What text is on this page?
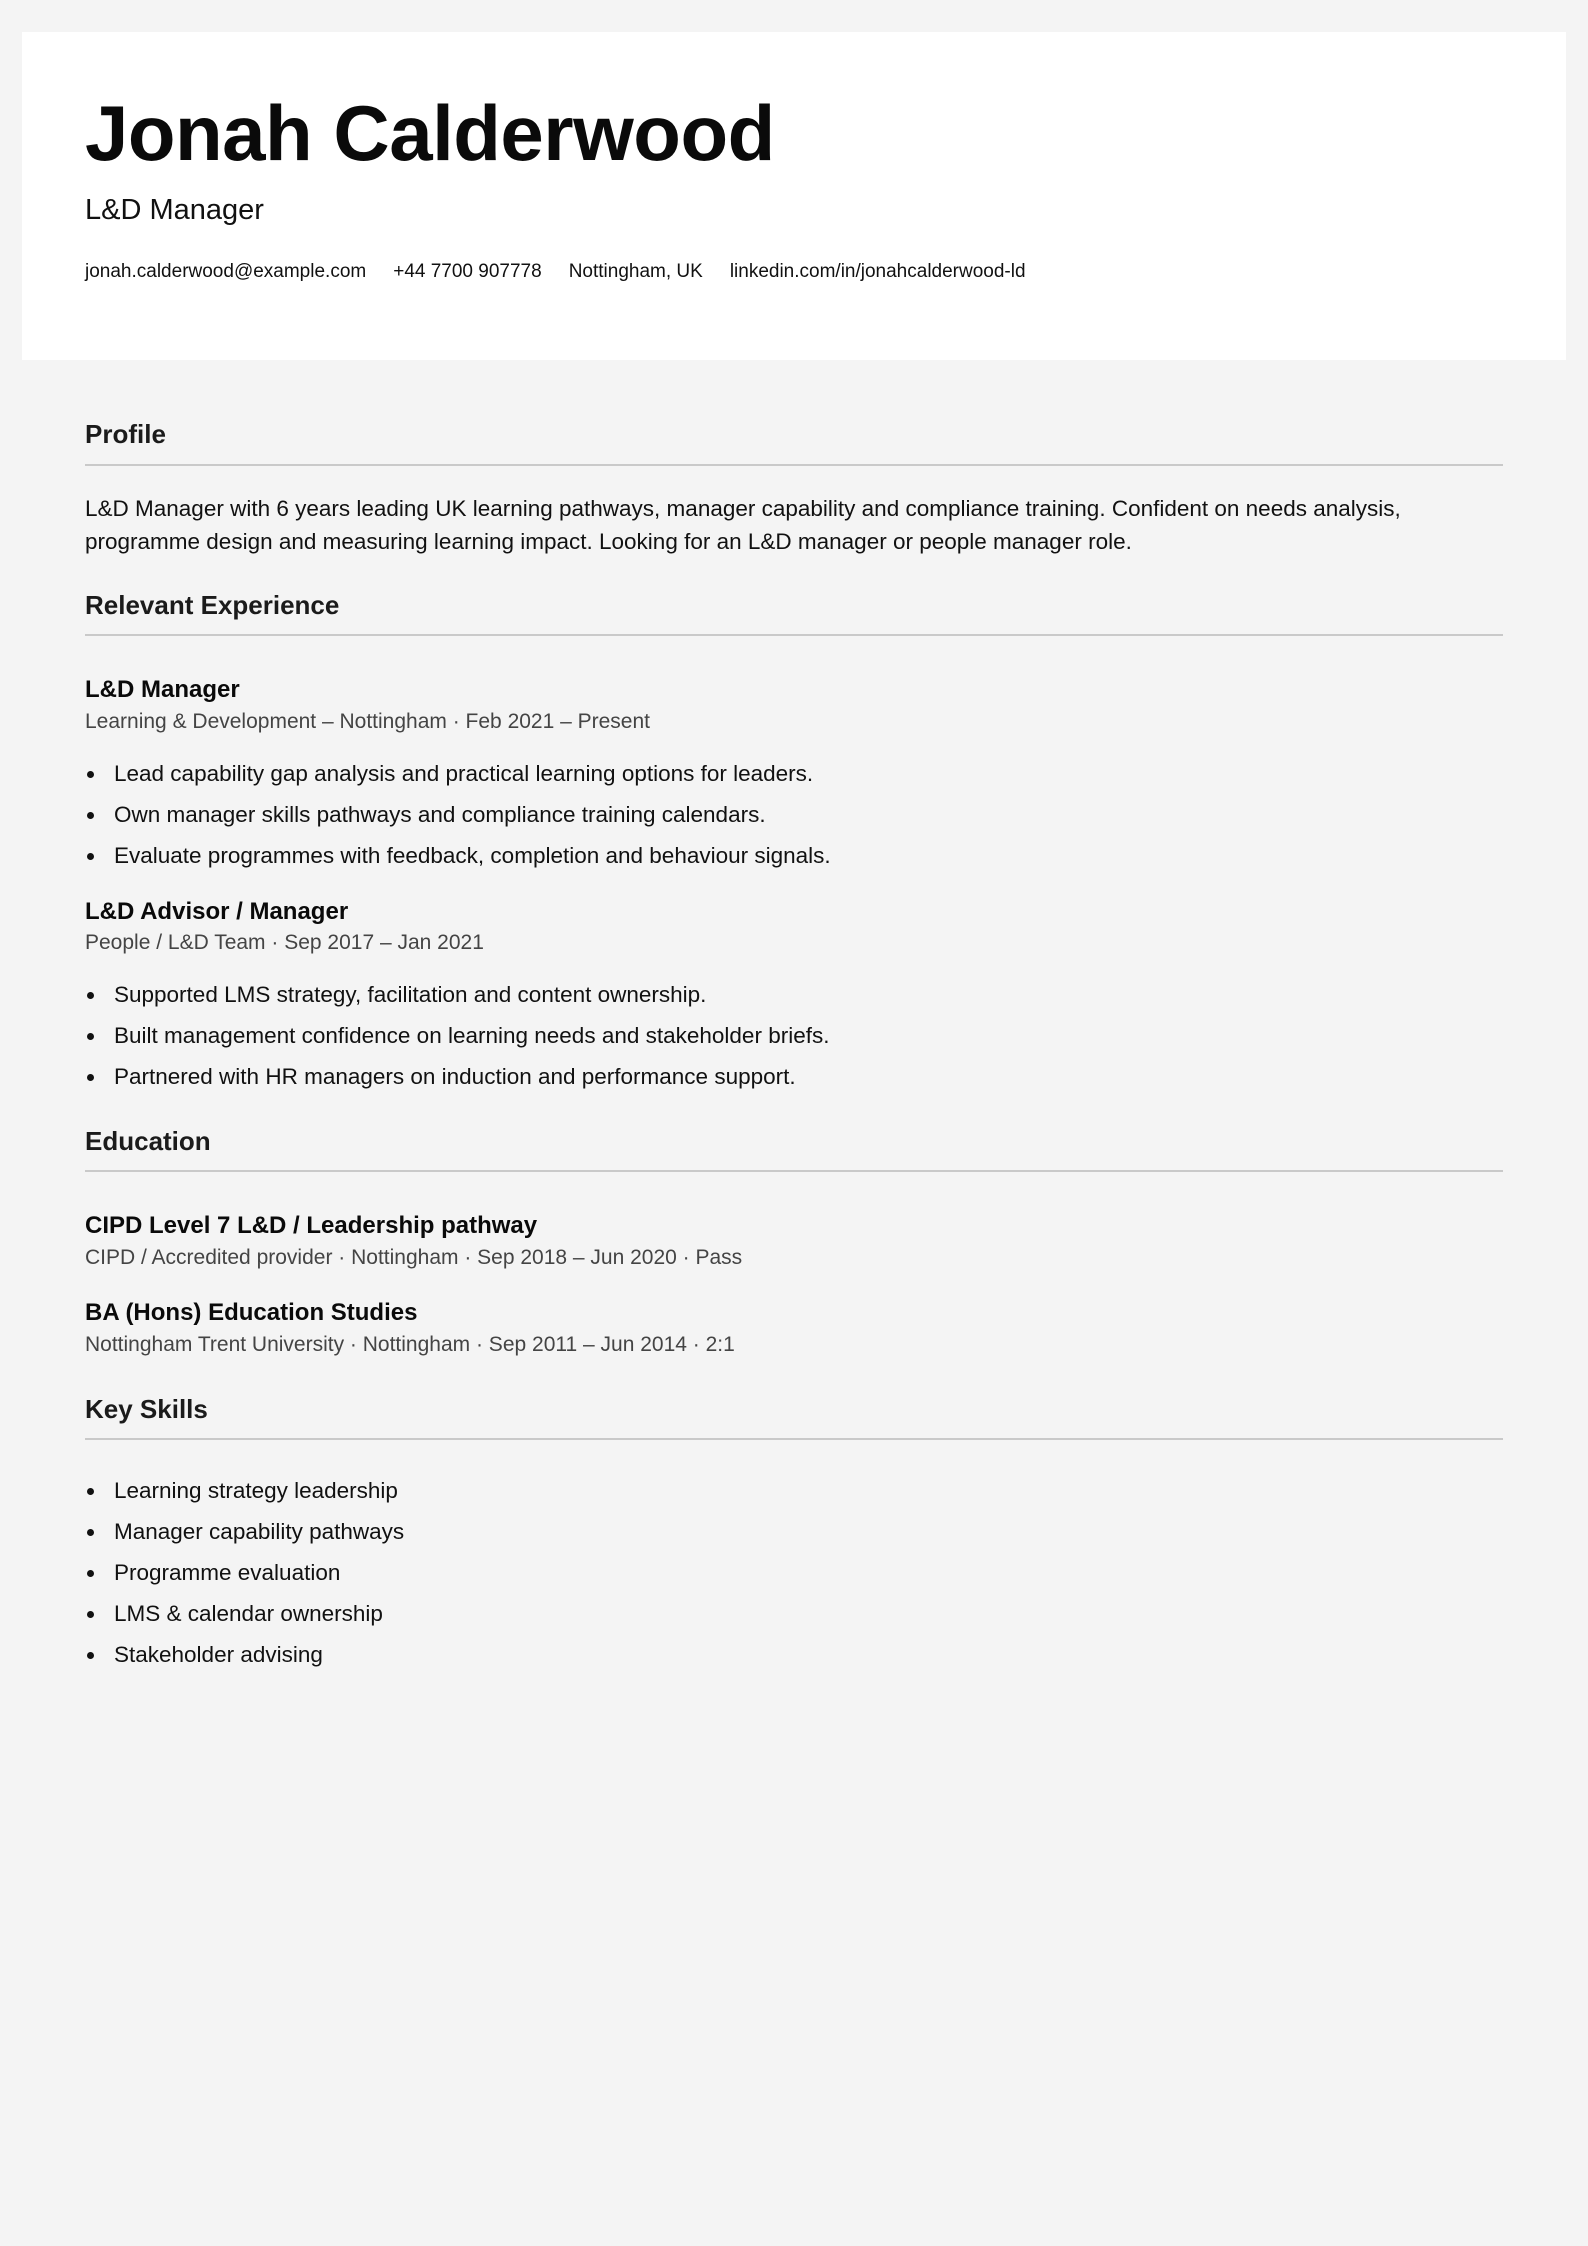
Jonah Calderwood
L&D Manager
jonah.calderwood@example.com +44 7700 907778 Nottingham, UK linkedin.com/in/jonahcalderwood-ld
Profile

L&D Manager with 6 years leading UK learning pathways, manager capability and compliance training. Confident on needs analysis, programme design and measuring learning impact. Looking for an L&D manager or people manager role.

Relevant Experience
L&D Manager
Learning & Development – Nottingham · Feb 2021 – Present
Lead capability gap analysis and practical learning options for leaders.
Own manager skills pathways and compliance training calendars.
Evaluate programmes with feedback, completion and behaviour signals.
L&D Advisor / Manager
People / L&D Team · Sep 2017 – Jan 2021
Supported LMS strategy, facilitation and content ownership.
Built management confidence on learning needs and stakeholder briefs.
Partnered with HR managers on induction and performance support.
Education
CIPD Level 7 L&D / Leadership pathway
CIPD / Accredited provider · Nottingham · Sep 2018 – Jun 2020 · Pass
BA (Hons) Education Studies
Nottingham Trent University · Nottingham · Sep 2011 – Jun 2014 · 2:1
Key Skills
Learning strategy leadership
Manager capability pathways
Programme evaluation
LMS & calendar ownership
Stakeholder advising
